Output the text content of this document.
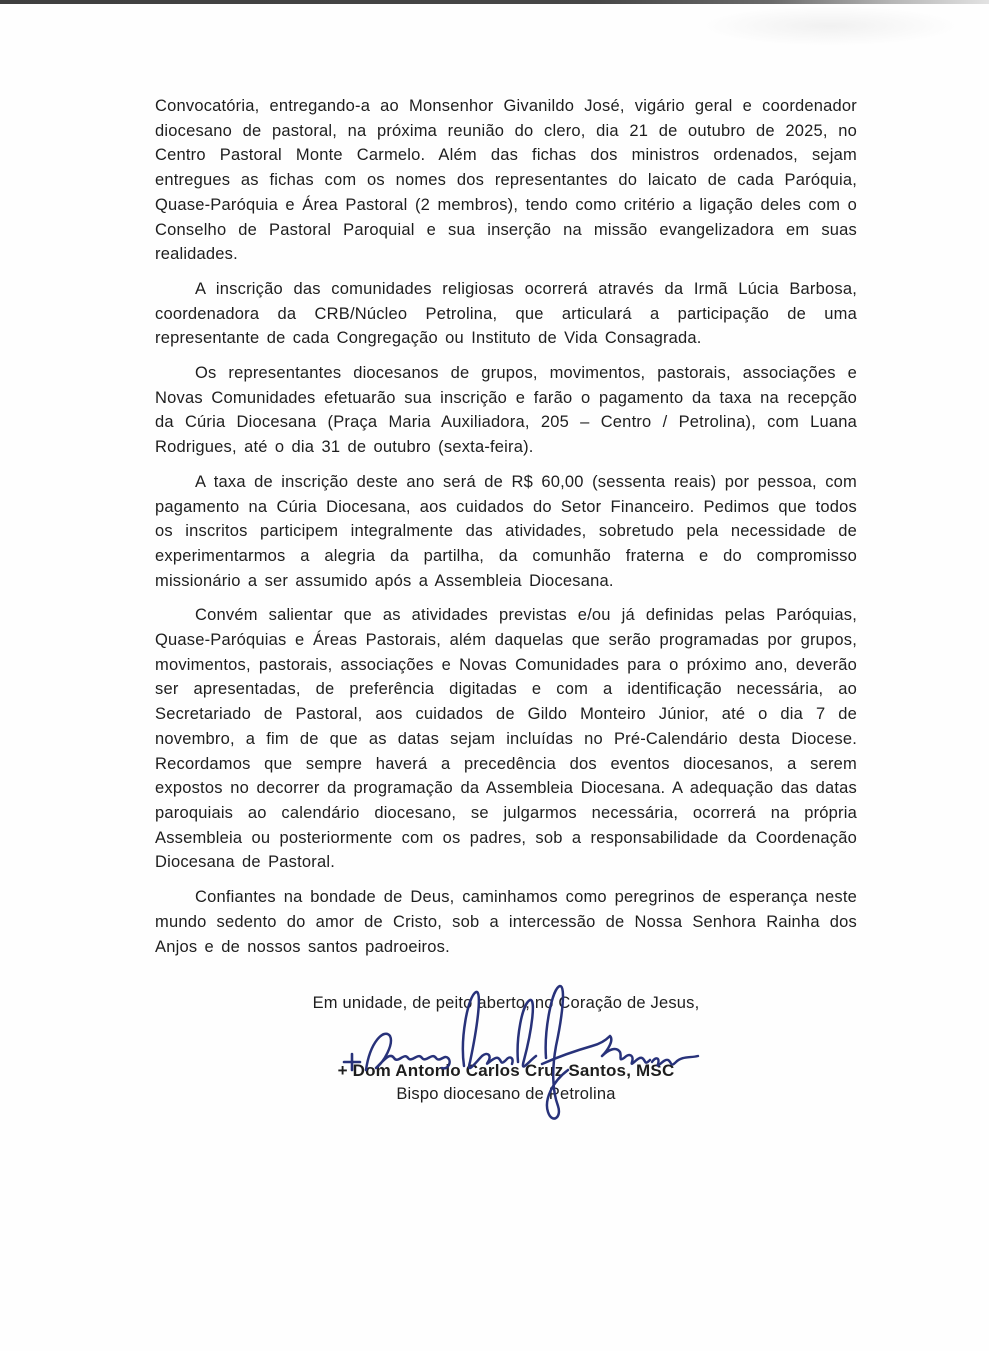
Convocatória, entregando-a ao Monsenhor Givanildo José, vigário geral e coordenador diocesano de pastoral, na próxima reunião do clero, dia 21 de outubro de 2025, no Centro Pastoral Monte Carmelo. Além das fichas dos ministros ordenados, sejam entregues as fichas com os nomes dos representantes do laicato de cada Paróquia, Quase-Paróquia e Área Pastoral (2 membros), tendo como critério a ligação deles com o Conselho de Pastoral Paroquial e sua inserção na missão evangelizadora em suas realidades.

A inscrição das comunidades religiosas ocorrerá através da Irmã Lúcia Barbosa, coordenadora da CRB/Núcleo Petrolina, que articulará a participação de uma representante de cada Congregação ou Instituto de Vida Consagrada.

Os representantes diocesanos de grupos, movimentos, pastorais, associações e Novas Comunidades efetuarão sua inscrição e farão o pagamento da taxa na recepção da Cúria Diocesana (Praça Maria Auxiliadora, 205 – Centro / Petrolina), com Luana Rodrigues, até o dia 31 de outubro (sexta-feira).

A taxa de inscrição deste ano será de R$ 60,00 (sessenta reais) por pessoa, com pagamento na Cúria Diocesana, aos cuidados do Setor Financeiro. Pedimos que todos os inscritos participem integralmente das atividades, sobretudo pela necessidade de experimentarmos a alegria da partilha, da comunhão fraterna e do compromisso missionário a ser assumido após a Assembleia Diocesana.

Convém salientar que as atividades previstas e/ou já definidas pelas Paróquias, Quase-Paróquias e Áreas Pastorais, além daquelas que serão programadas por grupos, movimentos, pastorais, associações e Novas Comunidades para o próximo ano, deverão ser apresentadas, de preferência digitadas e com a identificação necessária, ao Secretariado de Pastoral, aos cuidados de Gildo Monteiro Júnior, até o dia 7 de novembro, a fim de que as datas sejam incluídas no Pré-Calendário desta Diocese. Recordamos que sempre haverá a precedência dos eventos diocesanos, a serem expostos no decorrer da programação da Assembleia Diocesana. A adequação das datas paroquiais ao calendário diocesano, se julgarmos necessária, ocorrerá na própria Assembleia ou posteriormente com os padres, sob a responsabilidade da Coordenação Diocesana de Pastoral.

Confiantes na bondade de Deus, caminhamos como peregrinos de esperança neste mundo sedento do amor de Cristo, sob a intercessão de Nossa Senhora Rainha dos Anjos e de nossos santos padroeiros.

Em unidade, de peito aberto, no Coração de Jesus,
+ Dom Antonio Carlos Cruz Santos, MSC
Bispo diocesano de Petrolina
